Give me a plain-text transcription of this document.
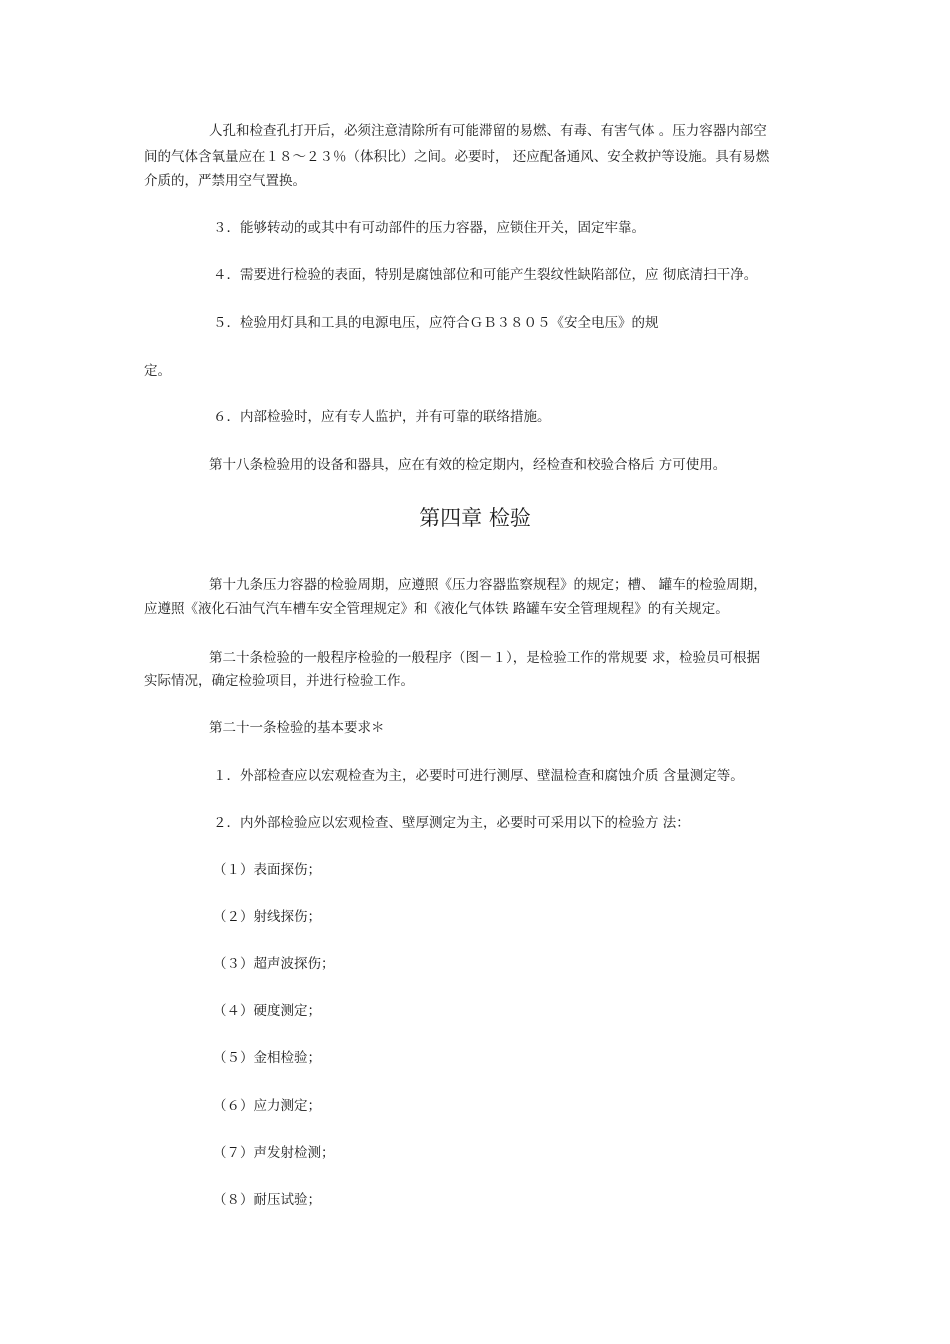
人孔和检查孔打开后，必须注意清除所有可能滞留的易燃、有毒、有害气体 。压力容器内部空
间的气体含氧量应在１８～２３％（体积比）之间。必要时， 还应配备通风、安全救护等设施。具有易燃
介质的，严禁用空气置换。
３．能够转动的或其中有可动部件的压力容器，应锁住开关，固定牢靠。
４．需要进行检验的表面，特别是腐蚀部位和可能产生裂纹性缺陷部位，应 彻底清扫干净。
５．检验用灯具和工具的电源电压，应符合ＧＢ３８０５《安全电压》的规
定。
６．内部检验时，应有专人监护，并有可靠的联络措施。
第十八条检验用的设备和器具，应在有效的检定期内，经检查和校验合格后 方可使用。
第四章 检验
第十九条压力容器的检验周期，应遵照《压力容器监察规程》的规定；槽、 罐车的检验周期，
应遵照《液化石油气汽车槽车安全管理规定》和《液化气体铁 路罐车安全管理规程》的有关规定。
第二十条检验的一般程序检验的一般程序（图－１），是检验工作的常规要 求，检验员可根据
实际情况，确定检验项目，并进行检验工作。
第二十一条检验的基本要求＊
１．外部检查应以宏观检查为主，必要时可进行测厚、壁温检查和腐蚀介质 含量测定等。
２．内外部检验应以宏观检查、壁厚测定为主，必要时可采用以下的检验方 法：
（１）表面探伤；
（２）射线探伤；
（３）超声波探伤；
（４）硬度测定；
（５）金相检验；
（６）应力测定；
（７）声发射检测；
（８）耐压试验；
